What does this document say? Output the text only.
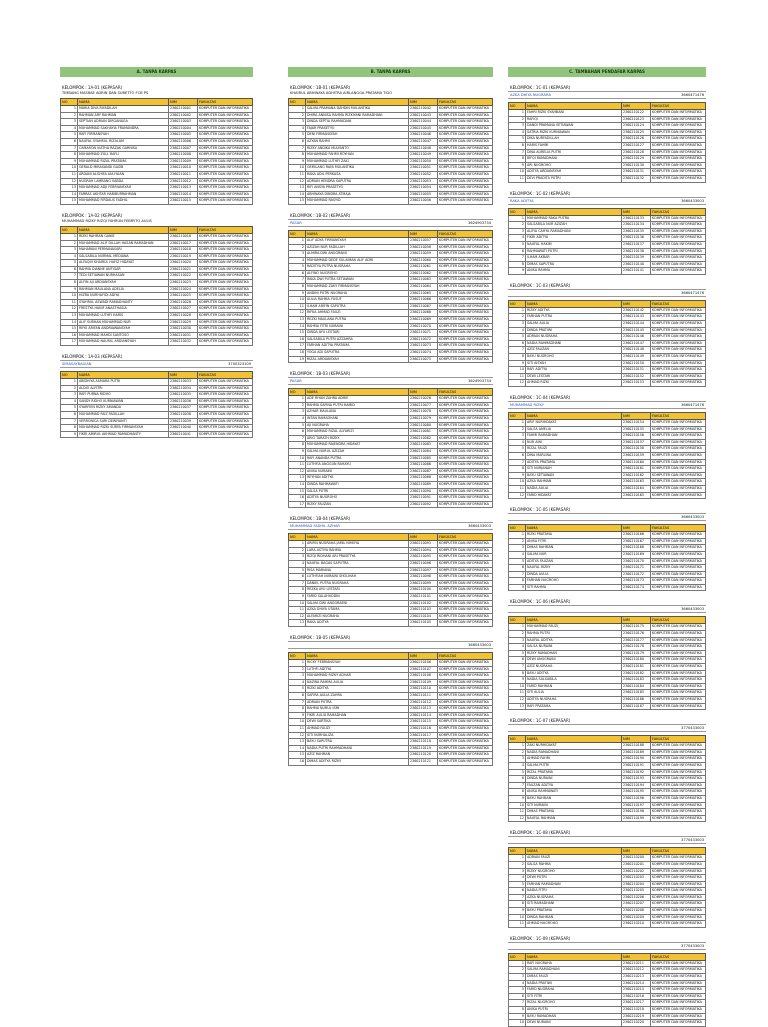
A. TANPA KARPAS
KELOMPOK : 1A-01 (KEPASAR)
TIMBANG MASRAE ADRIN DAN SUBETTO FCB PS
NO	NAMA	NIM	FAKULTAS
1	MARIA DIVA RIYADILAH	2360210001	KOMPUTER DAN INFORMATIKA
2	RAHMAN ARY RAHMAN	2360210002	KOMPUTER DAN INFORMATIKA
3	SEPTIAN ADRIAN DIRGANAGA	2360210003	KOMPUTER DAN INFORMATIKA
4	MUHAMMAD SAKHAYIA FRAMANDRA	2360210004	KOMPUTER DAN INFORMATIKA
5	RAFI FIRMANSYAH	2360210005	KOMPUTER DAN INFORMATIKA
6	NAUFAL SYAHRUL RIZALAM	2360210006	KOMPUTER DAN INFORMATIKA
7	CAMARON VIATHA RAZAK GARNISA	2360210007	KOMPUTER DAN INFORMATIKA
8	MUHAMMAD ZULL RAFLI	2360210008	KOMPUTER DAN INFORMATIKA
9	MUHAMMAD RIZAL PRATAMA	2360210009	KOMPUTER DAN INFORMATIKA
10	GERALD MIRASANDI GASIB	2360210010	KOMPUTER DAN INFORMATIKA
11	ARDANI ALGHIFA AULIYAAN	2360210011	KOMPUTER DAN INFORMATIKA
12	NUGRAH LAMBANG SABDA	2360210012	KOMPUTER DAN INFORMATIKA
13	MUHAMMAD ADJI FEBRIANSYAH	2360210013	KOMPUTER DAN INFORMATIKA
14	FARRAS AKHTAR HABIBURRAHMAN	2360210014	KOMPUTER DAN INFORMATIKA
15	MUHAMMAD FIRDAUS FADHIL	2360210015	KOMPUTER DAN INFORMATIKA
KELOMPOK : 1A-02 (KEPASAR)
MUHAMMAD RIZKY RIZQI FAHRUN FEBRYTO AULIS
NO	NAMA	NIM	FAKULTAS
1	RIZKI RAHMAN GANIE	2360210016	KOMPUTER DAN INFORMATIKA
2	MUHAMMAD ALIF DILLAH HASAN RAMADHAN	2360210017	KOMPUTER DAN INFORMATIKA
3	MAHARANI PERMANASARI	2360210018	KOMPUTER DAN INFORMATIKA
4	SALSABILA NURMAL MEDIANA	2360210019	KOMPUTER DAN INFORMATIKA
5	ALFAQIH KHAIRUL HAFIZ HIDAYAT	2360210020	KOMPUTER DAN INFORMATIKA
6	RAHMA DIANNE ANTIGAR	2360210021	KOMPUTER DAN INFORMATIKA
7	TEDI SETIAWAN NURHASAN	2360210022	KOMPUTER DAN INFORMATIKA
8	ALFIN AJI ARDIANSYAH	2360210023	KOMPUTER DAN INFORMATIKA
9	RAHMAN MAULANA ADELIA	2360210024	KOMPUTER DAN INFORMATIKA
10	HIZRA NURHAFIDI ADIYA	2360210025	KOMPUTER DAN INFORMATIKA
11	SYAHRUL ASWADI RAMADHANTY	2360210026	KOMPUTER DAN INFORMATIKA
12	FRESTYA HANIF ANASTHASIA	2360210027	KOMPUTER DAN INFORMATIKA
13	MUHAMMAD LUTHFI HARIS	2360210028	KOMPUTER DAN INFORMATIKA
14	ALIF SUBHAN MUHAMMAD NUR	2360210029	KOMPUTER DAN INFORMATIKA
15	RIFKI ARIFAN ANDRIAWANSYAH	2360210030	KOMPUTER DAN INFORMATIKA
16	MUHAMMAD MAHDI SANTOSO	2360210031	KOMPUTER DAN INFORMATIKA
17	MUHAMMAD NAUFAL ARDIANSYAH	2360210032	KOMPUTER DAN INFORMATIKA
KELOMPOK : 1A-03 (KEPASAR)
SIMASAYBAGIAN	3700323109
NO	NAMA	NIM	FAKULTAS
1	ABIDHIYA ASMARA PUTRI	2360210033	KOMPUTER DAN INFORMATIKA
2	ALDIO ALFITRI	2360210034	KOMPUTER DAN INFORMATIKA
3	RAFI PURNA RIDHO	2360210035	KOMPUTER DAN INFORMATIKA
4	SANDY RIDHO KURNIAWAN	2360210036	KOMPUTER DAN INFORMATIKA
5	SYARFIEN RIZKY AMANDA	2360210037	KOMPUTER DAN INFORMATIKA
6	MUHAMMAD FAIZ FADILLAH	2360210038	KOMPUTER DAN INFORMATIKA
7	VERRONICA SARI DEWIYANTI	2360210039	KOMPUTER DAN INFORMATIKA
8	MUHAMMAD RIZKI SURYA FIRMANSYAH	2360210040	KOMPUTER DAN INFORMATIKA
9	FIKRI AMIRUL AKHMAD RAMADHANTY	2360210041	KOMPUTER DAN INFORMATIKA
B. TANPA KARPAS
KELOMPOK : 1B-01 (KEPASAR)
KHAIRUL ABHINAYA ADHITRA AIRLANGGA PRATAMA TIGO
NO	NAMA	NIM	FAKULTAS
1	SALMA PRAMANA DAHDIN MULANTIKA	2360210042	KOMPUTER DAN INFORMATIKA
2	DHIRA ANNISA RAHMA RIZKIYANI RAMADHANI	2360210043	KOMPUTER DAN INFORMATIKA
3	DINDA SEPTIA RAHMADANI	2360210044	KOMPUTER DAN INFORMATIKA
4	FAJAR PRASETYO	2360210045	KOMPUTER DAN INFORMATIKA
5	DENI FIRMANSYAH	2360210046	KOMPUTER DAN INFORMATIKA
6	AZYAN RAHMI	2360210047	KOMPUTER DAN INFORMATIKA
7	RIZKY ANDIKA MULYANTO	2360210048	KOMPUTER DAN INFORMATIKA
8	MUHAMMAD FAHMI ROYHAN	2360210049	KOMPUTER DAN INFORMATIKA
9	MUHAMMAD LUTHFI ZAKI	2360210050	KOMPUTER DAN INFORMATIKA
10	GEMILANG RAYA MULANTIKA	2360210051	KOMPUTER DAN INFORMATIKA
11	RAKA ADIL PERKASA	2360210052	KOMPUTER DAN INFORMATIKA
12	ADRIAN HENDRA SAPUTRA	2360210053	KOMPUTER DAN INFORMATIKA
13	RIFI ANSYA PRASETYO	2360210054	KOMPUTER DAN INFORMATIKA
14	ABHINAYA DINDRA ATMAJA	2360210055	KOMPUTER DAN INFORMATIKA
15	MUHAMMAD RASYID	2360210056	KOMPUTER DAN INFORMATIKA
KELOMPOK : 1B-02 (KEPASAR)
PASAR	3624903734
NO	NAMA	NIM	FAKULTAS
1	ALIF ADYA FIRMANSYAH	2360210057	KOMPUTER DAN INFORMATIKA
2	AZIZAH NUR FADILLAH	2360210058	KOMPUTER DAN INFORMATIKA
3	ALMIRA DWI ANGGRAINI	2360210059	KOMPUTER DAN INFORMATIKA
4	MUHAMMAD DEDE SULAIMAN ALIF ADRI	2360210060	KOMPUTER DAN INFORMATIKA
5	RADITYA PUTRA NUGRAHA	2360210061	KOMPUTER DAN INFORMATIKA
6	ALFINO NUGROHO	2360210062	KOMPUTER DAN INFORMATIKA
7	RAKA DWI PUTRA SETIAWAN	2360210063	KOMPUTER DAN INFORMATIKA
8	MUHAMMAD ZAKY FIRMANSYAH	2360210064	KOMPUTER DAN INFORMATIKA
9	ANDINI PUTRI NUGRAHA	2360210065	KOMPUTER DAN INFORMATIKA
10	AULIA RAHMA YUSUF	2360210066	KOMPUTER DAN INFORMATIKA
11	ILHAM ARIFIN SAPUTRA	2360210067	KOMPUTER DAN INFORMATIKA
12	RIFKA AHMAD FAUZI	2360210068	KOMPUTER DAN INFORMATIKA
13	REZKI MAULANA PUTRA	2360210069	KOMPUTER DAN INFORMATIKA
14	RAHMA FITRI NURAINI	2360210070	KOMPUTER DAN INFORMATIKA
15	DINDA AYU LESTARI	2360210071	KOMPUTER DAN INFORMATIKA
16	SALSABILA PUTRI AZZAHRA	2360210072	KOMPUTER DAN INFORMATIKA
17	FARHAN ADITYA PRATAMA	2360210073	KOMPUTER DAN INFORMATIKA
18	YOGA ADI SAPUTRA	2360210074	KOMPUTER DAN INFORMATIKA
19	RIZAL ARDIANSYAH	2360210075	KOMPUTER DAN INFORMATIKA
KELOMPOK : 1B-03 (KEPASAR)
PASAR	3624903734
NO	NAMA	NIM	FAKULTAS
1	ADE RIYAN ZAHRA ADRIE	2360210076	KOMPUTER DAN INFORMATIKA
2	RAHMA SAFINA PUTRI HAMID	2360210077	KOMPUTER DAN INFORMATIKA
3	AZHAR MAULANA	2360210078	KOMPUTER DAN INFORMATIKA
4	INTAN RAMADHANI	2360210079	KOMPUTER DAN INFORMATIKA
5	AJI NUGRAHA	2360210080	KOMPUTER DAN INFORMATIKA
6	MUHAMMAD RIZAL ALFARIZI	2360210081	KOMPUTER DAN INFORMATIKA
7	ARIO TARATH RIZKY	2360210082	KOMPUTER DAN INFORMATIKA
8	MUHAMMAD RAJENDRA HIDAYAT	2360210083	KOMPUTER DAN INFORMATIKA
9	SALMA NURUL AZIZAH	2360210084	KOMPUTER DAN INFORMATIKA
10	RAFI ANANDA PUTRA	2360210085	KOMPUTER DAN INFORMATIKA
11	LUTHFIA ANGGUN RAHAYU	2360210086	KOMPUTER DAN INFORMATIKA
12	ANISA NURAINI	2360210087	KOMPUTER DAN INFORMATIKA
13	REYHAN ADITYA	2360210088	KOMPUTER DAN INFORMATIKA
14	DINDA RAHMAWATI	2360210089	KOMPUTER DAN INFORMATIKA
15	SALSA PUTRI	2360210090	KOMPUTER DAN INFORMATIKA
16	ADITYA NUGROHO	2360210091	KOMPUTER DAN INFORMATIKA
17	RIZKY FAUZAN	2360210092	KOMPUTER DAN INFORMATIKA
KELOMPOK : 1B-04 (KEPASAR)
MUHAMMAD FADHIL AZHAR	3660433003
NO	NAMA	NIM	FAKULTAS
1	ARIFIN NUGRAHA JAMIL NIMOYA	2360210093	KOMPUTER DAN INFORMATIKA
2	LARA ASTIYA RAHMA	2360210094	KOMPUTER DAN INFORMATIKA
3	RIZQI RIDHANI ARI PRASETYA	2360210095	KOMPUTER DAN INFORMATIKA
4	NAUFAL BAGAS SAPUTRA	2360210096	KOMPUTER DAN INFORMATIKA
5	RISA MARIANA	2360210097	KOMPUTER DAN INFORMATIKA
6	LUTHFIAH NURAINI SHOLIHAH	2360210098	KOMPUTER DAN INFORMATIKA
7	DANIEL PUTRA NUGRAHA	2360210099	KOMPUTER DAN INFORMATIKA
8	REZKA AYU LESTARI	2360210100	KOMPUTER DAN INFORMATIKA
9	FARID SALAHUDDIN	2360210101	KOMPUTER DAN INFORMATIKA
10	SALMA DWI ANGGRAENI	2360210102	KOMPUTER DAN INFORMATIKA
11	AZKA DHIYA UTAMA	2360210103	KOMPUTER DAN INFORMATIKA
12	ALFARIZI NUGRAHA	2360210104	KOMPUTER DAN INFORMATIKA
13	RAKA ADITYA	2360210105	KOMPUTER DAN INFORMATIKA
KELOMPOK : 1B-05 (KEPASAR)
3660433003
NO	NAMA	NIM	FAKULTAS
1	RICKY FEBRIANSYAH	2360210106	KOMPUTER DAN INFORMATIKA
2	LUTHFI ADITYA	2360210107	KOMPUTER DAN INFORMATIKA
3	MUHAMMAD RIZKY ADHAR	2360210108	KOMPUTER DAN INFORMATIKA
4	NAZWA RAHMA AULIA	2360210109	KOMPUTER DAN INFORMATIKA
5	RIZKI ADITYA	2360210110	KOMPUTER DAN INFORMATIKA
6	SAFIRA AULIA ZAHRA	2360210111	KOMPUTER DAN INFORMATIKA
7	ADRIAN PUTRA	2360210112	KOMPUTER DAN INFORMATIKA
8	RAHMA NURUL ISMI	2360210113	KOMPUTER DAN INFORMATIKA
9	FIKRI AULIA RAMADHAN	2360210114	KOMPUTER DAN INFORMATIKA
10	DEWI SARTIKA	2360210115	KOMPUTER DAN INFORMATIKA
11	AHMAD FAUZI	2360210116	KOMPUTER DAN INFORMATIKA
12	SITI NURHALIZA	2360210117	KOMPUTER DAN INFORMATIKA
13	BAYU SAPUTRA	2360210118	KOMPUTER DAN INFORMATIKA
14	NADIA PUTRI RAHMADHANI	2360210119	KOMPUTER DAN INFORMATIKA
15	AZIZ RAHMAN	2360210120	KOMPUTER DAN INFORMATIKA
16	DIMAS ADITYA RIZKY	2360210121	KOMPUTER DAN INFORMATIKA
C. TAMBAHAN PENDAFAR KARPAS
KELOMPOK : 1C-01 (KEPASAR)
AZKA DHIYA NUGRAHA	3660471476
NO	NAMA	NIM	FAKULTAS
1	FAHRI RIZKI SYAHBANI	2360210122	KOMPUTER DAN INFORMATIKA
2	RAFIQI	2360210123	KOMPUTER DAN INFORMATIKA
3	DANDI PRAMANA SETIAWAN	2360210124	KOMPUTER DAN INFORMATIKA
4	SATRIA RIZKI KURNIAWAN	2360210125	KOMPUTER DAN INFORMATIKA
5	DIKA NURFADILLAH	2360210126	KOMPUTER DAN INFORMATIKA
6	HARIS FAHMI	2360210127	KOMPUTER DAN INFORMATIKA
7	DINA AURELIA PUTRI	2360210128	KOMPUTER DAN INFORMATIKA
8	RIFQI RAMADHANI	2360210129	KOMPUTER DAN INFORMATIKA
9	ARI NUGROHO	2360210130	KOMPUTER DAN INFORMATIKA
10	ADITYA ARDIANSYAH	2360210131	KOMPUTER DAN INFORMATIKA
11	DEVI PRADITA PUTRI	2360210132	KOMPUTER DAN INFORMATIKA
KELOMPOK : 1C-02 (KEPASAR)
RAKA ADITYA	3660433003
NO	NAMA	NIM	FAKULTAS
1	MUHAMMAD RAKA PUTRA	2360210133	KOMPUTER DAN INFORMATIKA
2	SALSABILA NUR AZIZAH	2360210134	KOMPUTER DAN INFORMATIKA
3	ALIFIA CAHYA RAMADHANI	2360210135	KOMPUTER DAN INFORMATIKA
4	FIKRI ADITYA	2360210136	KOMPUTER DAN INFORMATIKA
5	NAUFAL HAKIM	2360210137	KOMPUTER DAN INFORMATIKA
6	RAHMAWATI PUTRI	2360210138	KOMPUTER DAN INFORMATIKA
7	ILHAM AKBAR	2360210139	KOMPUTER DAN INFORMATIKA
8	DIMAS SAPUTRA	2360210140	KOMPUTER DAN INFORMATIKA
9	ANISA RAHMA	2360210141	KOMPUTER DAN INFORMATIKA
KELOMPOK : 1C-03 (KEPASAR)
3660471476
NO	NAMA	NIM	FAKULTAS
1	RIZKY ADITYA	2360210142	KOMPUTER DAN INFORMATIKA
2	FARHAN PUTRA	2360210143	KOMPUTER DAN INFORMATIKA
3	SALMA AULIA	2360210144	KOMPUTER DAN INFORMATIKA
4	DINDA PRATIWI	2360210145	KOMPUTER DAN INFORMATIKA
5	ADRIAN NUGRAHA	2360210146	KOMPUTER DAN INFORMATIKA
6	NADIA RAHMADHANI	2360210147	KOMPUTER DAN INFORMATIKA
7	AZIZ FAUZAN	2360210148	KOMPUTER DAN INFORMATIKA
8	BAYU NUGROHO	2360210149	KOMPUTER DAN INFORMATIKA
9	SITI AISYAH	2360210150	KOMPUTER DAN INFORMATIKA
10	RAFI ADITYA	2360210151	KOMPUTER DAN INFORMATIKA
11	DEWI LESTARI	2360210152	KOMPUTER DAN INFORMATIKA
12	AHMAD RIZKI	2360210153	KOMPUTER DAN INFORMATIKA
KELOMPOK : 1C-04 (KEPASAR)
MUHAMMAD RIZKY	3660471476
NO	NAMA	NIM	FAKULTAS
1	ARIF NURHIDAYAT	2360210154	KOMPUTER DAN INFORMATIKA
2	SALSA AMELIA	2360210155	KOMPUTER DAN INFORMATIKA
3	FAHMI RAMADHAN	2360210156	KOMPUTER DAN INFORMATIKA
4	NUR AINI	2360210157	KOMPUTER DAN INFORMATIKA
5	RIZAL FAUZI	2360210158	KOMPUTER DAN INFORMATIKA
6	DINA MARLINA	2360210159	KOMPUTER DAN INFORMATIKA
7	ADITYA PRATAMA	2360210160	KOMPUTER DAN INFORMATIKA
8	SITI NURJANAH	2360210161	KOMPUTER DAN INFORMATIKA
9	BAYU SETIAWAN	2360210162	KOMPUTER DAN INFORMATIKA
10	AZKA RAHMAN	2360210163	KOMPUTER DAN INFORMATIKA
11	NADIA AULIA	2360210164	KOMPUTER DAN INFORMATIKA
12	FARID HIDAYAT	2360210165	KOMPUTER DAN INFORMATIKA
KELOMPOK : 1C-05 (KEPASAR)
3660433003
NO	NAMA	NIM	FAKULTAS
1	RIZKI PRATAMA	2360210166	KOMPUTER DAN INFORMATIKA
2	ANISA FITRI	2360210167	KOMPUTER DAN INFORMATIKA
3	DIMAS RAHMAN	2360210168	KOMPUTER DAN INFORMATIKA
4	SALMA NUR	2360210169	KOMPUTER DAN INFORMATIKA
5	ADITYA FAUZAN	2360210170	KOMPUTER DAN INFORMATIKA
6	NAUFAL RIZKY	2360210171	KOMPUTER DAN INFORMATIKA
7	DINDA AULIA	2360210172	KOMPUTER DAN INFORMATIKA
8	FARHAN NUGROHO	2360210173	KOMPUTER DAN INFORMATIKA
9	SITI RAHMA	2360210174	KOMPUTER DAN INFORMATIKA
KELOMPOK : 1C-06 (KEPASAR)
3660433003
NO	NAMA	NIM	FAKULTAS
1	MUHAMMAD FAUZI	2360210175	KOMPUTER DAN INFORMATIKA
2	RAHMA PUTRI	2360210176	KOMPUTER DAN INFORMATIKA
3	NAUFAL ADITYA	2360210177	KOMPUTER DAN INFORMATIKA
4	SALSA NURAINI	2360210178	KOMPUTER DAN INFORMATIKA
5	RIZKY RAMADHAN	2360210179	KOMPUTER DAN INFORMATIKA
6	DEWI ANGGRAINI	2360210180	KOMPUTER DAN INFORMATIKA
7	AZIZ NUGRAHA	2360210181	KOMPUTER DAN INFORMATIKA
8	BAYU ADITYA	2360210182	KOMPUTER DAN INFORMATIKA
9	NADIA SALSABILA	2360210183	KOMPUTER DAN INFORMATIKA
10	FARID RAHMAN	2360210184	KOMPUTER DAN INFORMATIKA
11	SITI AULIA	2360210185	KOMPUTER DAN INFORMATIKA
12	ADITYA NUGRAHA	2360210186	KOMPUTER DAN INFORMATIKA
13	RAFI PRATAMA	2360210187	KOMPUTER DAN INFORMATIKA
KELOMPOK : 1C-07 (KEPASAR)
3770433003
NO	NAMA	NIM	FAKULTAS
1	ZAKI NURHIDAYAT	2360210188	KOMPUTER DAN INFORMATIKA
2	NADIA RAMADHANI	2360210189	KOMPUTER DAN INFORMATIKA
3	AHMAD FAHRI	2360210190	KOMPUTER DAN INFORMATIKA
4	SALMA PUTRI	2360210191	KOMPUTER DAN INFORMATIKA
5	RIZAL PRATAMA	2360210192	KOMPUTER DAN INFORMATIKA
6	DINDA NURAINI	2360210193	KOMPUTER DAN INFORMATIKA
7	FAUZAN ADITYA	2360210194	KOMPUTER DAN INFORMATIKA
8	ANISA RAHMAWATI	2360210195	KOMPUTER DAN INFORMATIKA
9	BAYU RAHMAN	2360210196	KOMPUTER DAN INFORMATIKA
10	SITI NURAINI	2360210197	KOMPUTER DAN INFORMATIKA
11	DIMAS PRATAMA	2360210198	KOMPUTER DAN INFORMATIKA
12	NAUFAL RAHMAN	2360210199	KOMPUTER DAN INFORMATIKA
KELOMPOK : 1C-08 (KEPASAR)
3770433003
NO	NAMA	NIM	FAKULTAS
1	ADRIAN FAUZI	2360210200	KOMPUTER DAN INFORMATIKA
2	SALSA RAHMA	2360210201	KOMPUTER DAN INFORMATIKA
3	RIZKY NUGROHO	2360210202	KOMPUTER DAN INFORMATIKA
4	DEWI PUTRI	2360210203	KOMPUTER DAN INFORMATIKA
5	FARHAN RAMADHAN	2360210204	KOMPUTER DAN INFORMATIKA
6	NADIA FITRI	2360210205	KOMPUTER DAN INFORMATIKA
7	AZKA NUGRAHA	2360210206	KOMPUTER DAN INFORMATIKA
8	SITI RAMADHANI	2360210207	KOMPUTER DAN INFORMATIKA
9	BAYU PRATAMA	2360210208	KOMPUTER DAN INFORMATIKA
10	DINDA RAHMAN	2360210209	KOMPUTER DAN INFORMATIKA
11	AHMAD NUGROHO	2360210210	KOMPUTER DAN INFORMATIKA
KELOMPOK : 1C-09 (KEPASAR)
3770433003
NO	NAMA	NIM	FAKULTAS
1	RAFI NUGRAHA	2360210211	KOMPUTER DAN INFORMATIKA
2	SALMA RAMADHANI	2360210212	KOMPUTER DAN INFORMATIKA
3	DIMAS FAUZI	2360210213	KOMPUTER DAN INFORMATIKA
4	NADIA PRATIWI	2360210214	KOMPUTER DAN INFORMATIKA
5	FARID NUGRAHA	2360210215	KOMPUTER DAN INFORMATIKA
6	SITI FITRI	2360210216	KOMPUTER DAN INFORMATIKA
7	RIZAL NUGROHO	2360210217	KOMPUTER DAN INFORMATIKA
8	ANISA PUTRI	2360210218	KOMPUTER DAN INFORMATIKA
9	BAYU RAMADHAN	2360210219	KOMPUTER DAN INFORMATIKA
10	DEWI NURAINI	2360210220	KOMPUTER DAN INFORMATIKA
